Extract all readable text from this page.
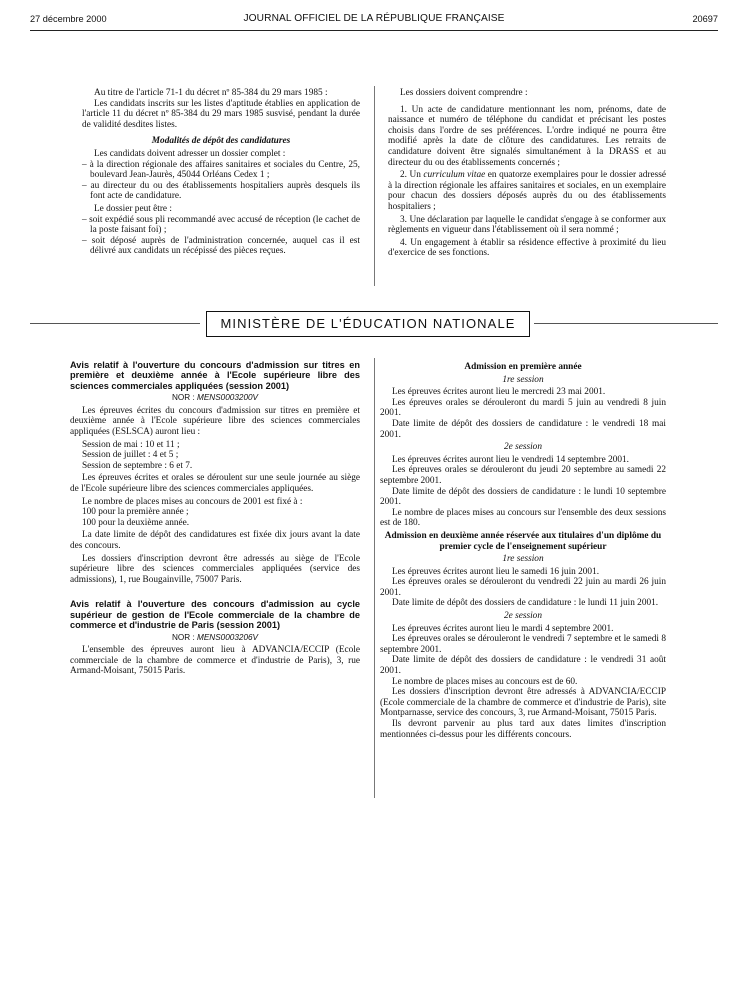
27 décembre 2000	JOURNAL OFFICIEL DE LA RÉPUBLIQUE FRANÇAISE	20697

Au titre de l'article 71-1 du décret nº 85-384 du 29 mars 1985 :

Les candidats inscrits sur les listes d'aptitude établies en application de l'article 11 du décret nº 85-384 du 29 mars 1985 susvisé, pendant la durée de validité desdites listes.

Modalités de dépôt des candidatures

Les candidats doivent adresser un dossier complet :

– à la direction régionale des affaires sanitaires et sociales du Centre, 25, boulevard Jean-Jaurès, 45044 Orléans Cedex 1 ;

– au directeur du ou des établissements hospitaliers auprès desquels ils font acte de candidature.

Le dossier peut être :

– soit expédié sous pli recommandé avec accusé de réception (le cachet de la poste faisant foi) ;

– soit déposé auprès de l'administration concernée, auquel cas il est délivré aux candidats un récépissé des pièces reçues.

Les dossiers doivent comprendre :

1. Un acte de candidature mentionnant les nom, prénoms, date de naissance et numéro de téléphone du candidat et précisant les postes choisis dans l'ordre de ses préférences. L'ordre indiqué ne pourra être modifié après la date de clôture des candidatures. Les retraits de candidature doivent être signalés simultanément à la DRASS et au directeur du ou des établissements concernés ;

2. Un curriculum vitae en quatorze exemplaires pour le dossier adressé à la direction régionale les affaires sanitaires et sociales, en un exemplaire pour chacun des dossiers déposés auprès du ou des établissements hospitaliers ;

3. Une déclaration par laquelle le candidat s'engage à se conformer aux règlements en vigueur dans l'établissement où il sera nommé ;

4. Un engagement à établir sa résidence effective à proximité du lieu d'exercice de ses fonctions.

MINISTÈRE DE L'ÉDUCATION NATIONALE

Avis relatif à l'ouverture du concours d'admission sur titres en première et deuxième année à l'Ecole supérieure libre des sciences commerciales appliquées (session 2001)

NOR : MENS0003200V

Les épreuves écrites du concours d'admission sur titres en première et deuxième année à l'Ecole supérieure libre des sciences commerciales appliquées (ESLSCA) auront lieu :

Session de mai : 10 et 11 ;

Session de juillet : 4 et 5 ;

Session de septembre : 6 et 7.

Les épreuves écrites et orales se déroulent sur une seule journée au siège de l'Ecole supérieure libre des sciences commerciales appliquées.

Le nombre de places mises au concours de 2001 est fixé à :

100 pour la première année ;

100 pour la deuxième année.

La date limite de dépôt des candidatures est fixée dix jours avant la date des concours.

Les dossiers d'inscription devront être adressés au siège de l'Ecole supérieure libre des sciences commerciales appliquées (service des admissions), 1, rue Bougainville, 75007 Paris.

Avis relatif à l'ouverture des concours d'admission au cycle supérieur de gestion de l'Ecole commerciale de la chambre de commerce et d'industrie de Paris (session 2001)

NOR : MENS0003206V

L'ensemble des épreuves auront lieu à ADVANCIA/ECCIP (Ecole commerciale de la chambre de commerce et d'industrie de Paris), 3, rue Armand-Moisant, 75015 Paris.

Admission en première année

1re session

Les épreuves écrites auront lieu le mercredi 23 mai 2001.

Les épreuves orales se dérouleront du mardi 5 juin au vendredi 8 juin 2001.

Date limite de dépôt des dossiers de candidature : le vendredi 18 mai 2001.

2e session

Les épreuves écrites auront lieu le vendredi 14 septembre 2001.

Les épreuves orales se dérouleront du jeudi 20 septembre au samedi 22 septembre 2001.

Date limite de dépôt des dossiers de candidature : le lundi 10 septembre 2001.

Le nombre de places mises au concours sur l'ensemble des deux sessions est de 180.

Admission en deuxième année réservée aux titulaires d'un diplôme du premier cycle de l'enseignement supérieur

1re session

Les épreuves écrites auront lieu le samedi 16 juin 2001.

Les épreuves orales se dérouleront du vendredi 22 juin au mardi 26 juin 2001.

Date limite de dépôt des dossiers de candidature : le lundi 11 juin 2001.

2e session

Les épreuves écrites auront lieu le mardi 4 septembre 2001.

Les épreuves orales se dérouleront le vendredi 7 septembre et le samedi 8 septembre 2001.

Date limite de dépôt des dossiers de candidature : le vendredi 31 août 2001.

Le nombre de places mises au concours est de 60.

Les dossiers d'inscription devront être adressés à ADVANCIA/ECCIP (Ecole commerciale de la chambre de commerce et d'industrie de Paris), site Montparnasse, service des concours, 3, rue Armand-Moisant, 75015 Paris.

Ils devront parvenir au plus tard aux dates limites d'inscription mentionnées ci-dessus pour les différents concours.
